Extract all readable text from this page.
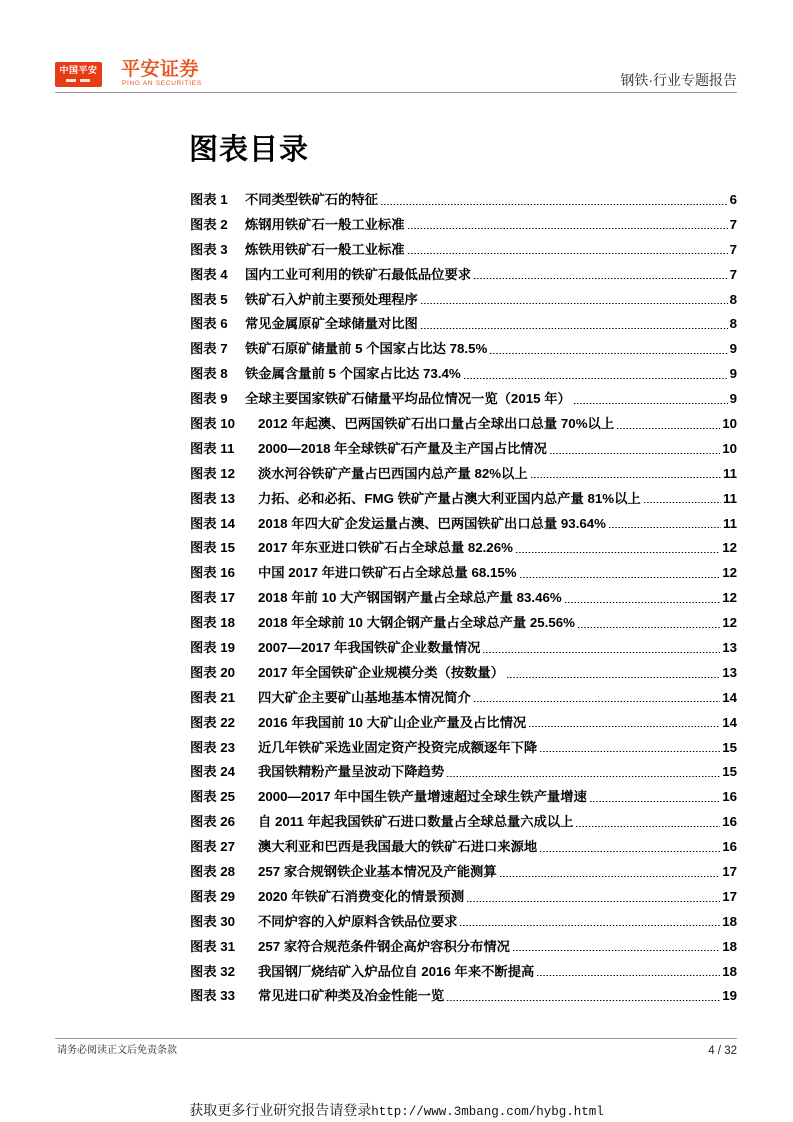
中国平安 平安证券
PING AN SECURITIES	钢铁·行业专题报告
图表目录
图表 1	不同类型铁矿石的特征	6
图表 2	炼钢用铁矿石一般工业标准	7
图表 3	炼铁用铁矿石一般工业标准	7
图表 4	国内工业可利用的铁矿石最低品位要求	7
图表 5	铁矿石入炉前主要预处理程序	8
图表 6	常见金属原矿全球储量对比图	8
图表 7	铁矿石原矿储量前 5 个国家占比达 78.5%	9
图表 8	铁金属含量前 5 个国家占比达 73.4%	9
图表 9	全球主要国家铁矿石储量平均品位情况一览（2015 年）	9
图表 10	2012 年起澳、巴两国铁矿石出口量占全球出口总量 70%以上	10
图表 11	2000—2018 年全球铁矿石产量及主产国占比情况	10
图表 12	淡水河谷铁矿产量占巴西国内总产量 82%以上	11
图表 13	力拓、必和必拓、FMG 铁矿产量占澳大利亚国内总产量 81%以上	11
图表 14	2018 年四大矿企发运量占澳、巴两国铁矿出口总量 93.64%	11
图表 15	2017 年东亚进口铁矿石占全球总量 82.26%	12
图表 16	中国 2017 年进口铁矿石占全球总量 68.15%	12
图表 17	2018 年前 10 大产钢国钢产量占全球总产量 83.46%	12
图表 18	2018 年全球前 10 大钢企钢产量占全球总产量 25.56%	12
图表 19	2007—2017 年我国铁矿企业数量情况	13
图表 20	2017 年全国铁矿企业规模分类（按数量）	13
图表 21	四大矿企主要矿山基地基本情况简介	14
图表 22	2016 年我国前 10 大矿山企业产量及占比情况	14
图表 23	近几年铁矿采选业固定资产投资完成额逐年下降	15
图表 24	我国铁精粉产量呈波动下降趋势	15
图表 25	2000—2017 年中国生铁产量增速超过全球生铁产量增速	16
图表 26	自 2011 年起我国铁矿石进口数量占全球总量六成以上	16
图表 27	澳大利亚和巴西是我国最大的铁矿石进口来源地	16
图表 28	257 家合规钢铁企业基本情况及产能测算	17
图表 29	2020 年铁矿石消费变化的情景预测	17
图表 30	不同炉容的入炉原料含铁品位要求	18
图表 31	257 家符合规范条件钢企高炉容积分布情况	18
图表 32	我国钢厂烧结矿入炉品位自 2016 年来不断提高	18
图表 33	常见进口矿种类及冶金性能一览	19
请务必阅读正文后免责条款	4 / 32
获取更多行业研究报告请登录http://www.3mbang.com/hybg.html
